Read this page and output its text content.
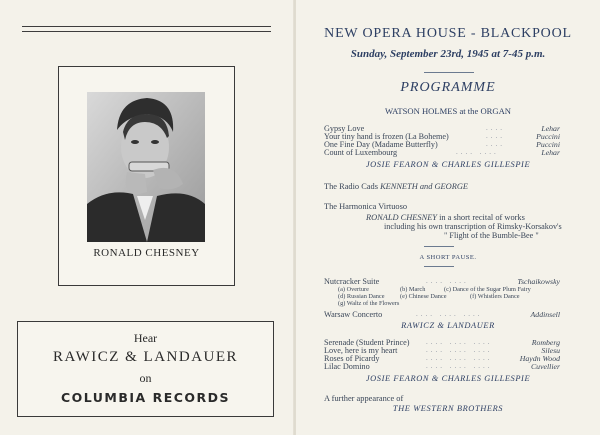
RONALD CHESNEY
Hear
RAWICZ & LANDAUER
on
COLUMBIA RECORDS
NEW OPERA HOUSE - BLACKPOOL
Sunday, September 23rd, 1945 at 7-45 p.m.
PROGRAMME
WATSON HOLMES at the ORGAN
Gypsy Love	....	Lehar
Your tiny hand is frozen (La Boheme)	....	Puccini
One Fine Day (Madame Butterfly)	....	Puccini
Count of Luxembourg	.... ....	Lehar
JOSIE FEARON & CHARLES GILLESPIE
The Radio Cads KENNETH and GEORGE
The Harmonica Virtuoso
RONALD CHESNEY in a short recital of works
including his own transcription of Rimsky-Korsakov's
" Flight of the Bumble-Bee "
A SHORT PAUSE.
Nutcracker Suite	.... ....	Tschaikowsky
(a) Overture	(b) March	(c) Dance of the Sugar Plum Fairy
(d) Russian Dance (e) Chinese Dance	(f) Whistlers Dance
(g) Waltz of the Flowers
Warsaw Concerto	.... .... ....	Addinsell
RAWICZ & LANDAUER
Serenade (Student Prince) .... .... ....	Romberg
Love, here is my heart	.... .... ....	Silesu
Roses of Picardy	.... .... ....	Haydn Wood
Lilac Domino	.... .... ....	Cuvellier
JOSIE FEARON & CHARLES GILLESPIE
A further appearance of
THE WESTERN BROTHERS
